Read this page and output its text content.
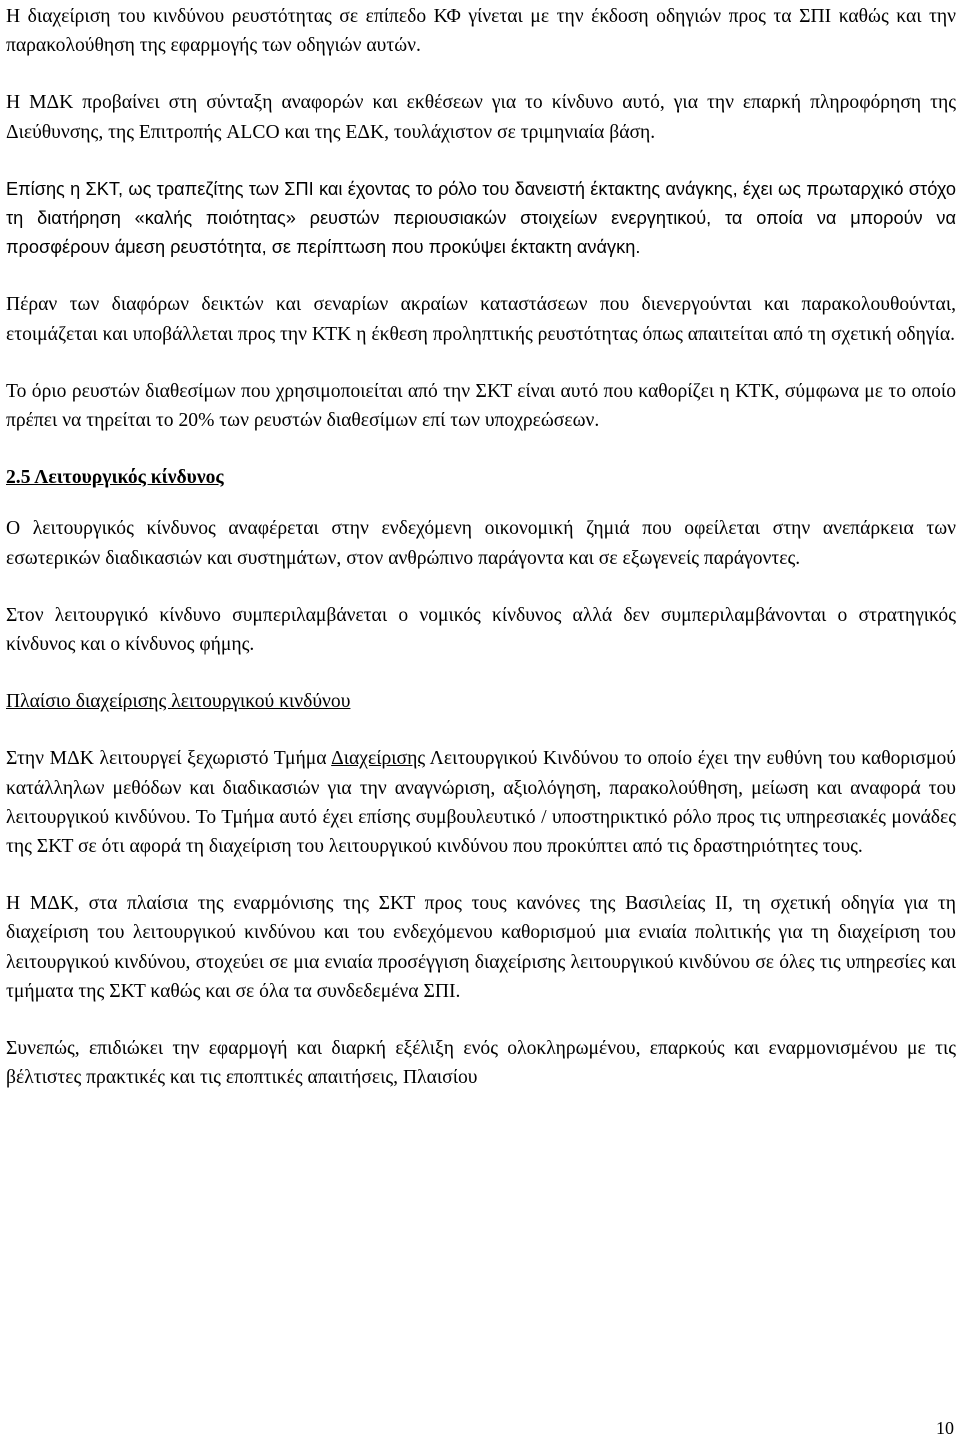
Η διαχείριση του κινδύνου ρευστότητας σε επίπεδο ΚΦ γίνεται με την έκδοση οδηγιών προς τα ΣΠΙ καθώς και την παρακολούθηση της εφαρμογής των οδηγιών αυτών.

Η ΜΔΚ προβαίνει στη σύνταξη αναφορών και εκθέσεων για το κίνδυνο αυτό, για την επαρκή πληροφόρηση της Διεύθυνσης, της Επιτροπής ALCO και της ΕΔΚ, τουλάχιστον σε τριμηνιαία βάση.

Επίσης η ΣΚΤ, ως τραπεζίτης των ΣΠΙ και έχοντας το ρόλο του δανειστή έκτακτης ανάγκης, έχει ως πρωταρχικό στόχο τη διατήρηση «καλής ποιότητας» ρευστών περιουσιακών στοιχείων ενεργητικού, τα οποία να μπορούν να προσφέρουν άμεση ρευστότητα, σε περίπτωση που προκύψει έκτακτη ανάγκη.

Πέραν των διαφόρων δεικτών και σεναρίων ακραίων καταστάσεων που διενεργούνται και παρακολουθούνται, ετοιμάζεται και υποβάλλεται προς την ΚΤΚ η έκθεση προληπτικής ρευστότητας όπως απαιτείται από τη σχετική οδηγία.

Το όριο ρευστών διαθεσίμων που χρησιμοποιείται από την ΣΚΤ είναι αυτό που καθορίζει η ΚΤΚ, σύμφωνα με το οποίο πρέπει να τηρείται το 20% των ρευστών διαθεσίμων επί των υποχρεώσεων.

2.5 Λειτουργικός κίνδυνος

Ο λειτουργικός κίνδυνος αναφέρεται στην ενδεχόμενη οικονομική ζημιά που οφείλεται στην ανεπάρκεια των εσωτερικών διαδικασιών και συστημάτων, στον ανθρώπινο παράγοντα και σε εξωγενείς παράγοντες.

Στον λειτουργικό κίνδυνο συμπεριλαμβάνεται ο νομικός κίνδυνος αλλά δεν συμπεριλαμβάνονται ο στρατηγικός κίνδυνος και ο κίνδυνος φήμης.

Πλαίσιο διαχείρισης λειτουργικού κινδύνου

Στην ΜΔΚ λειτουργεί ξεχωριστό Τμήμα Διαχείρισης Λειτουργικού Κινδύνου το οποίο έχει την ευθύνη του καθορισμού κατάλληλων μεθόδων και διαδικασιών για την αναγνώριση, αξιολόγηση, παρακολούθηση, μείωση και αναφορά του λειτουργικού κινδύνου. Το Τμήμα αυτό έχει επίσης συμβουλευτικό / υποστηρικτικό ρόλο προς τις υπηρεσιακές μονάδες της ΣΚΤ σε ότι αφορά τη διαχείριση του λειτουργικού κινδύνου που προκύπτει από τις δραστηριότητες τους.

Η ΜΔΚ, στα πλαίσια της εναρμόνισης της ΣΚΤ προς τους κανόνες της Βασιλείας ΙΙ, τη σχετική οδηγία για τη διαχείριση του λειτουργικού κινδύνου και του ενδεχόμενου καθορισμού μια ενιαία πολιτικής για τη διαχείριση του λειτουργικού κινδύνου, στοχεύει σε μια ενιαία προσέγγιση διαχείρισης λειτουργικού κινδύνου σε όλες τις υπηρεσίες και τμήματα της ΣΚΤ καθώς και σε όλα τα συνδεδεμένα ΣΠΙ.

Συνεπώς, επιδιώκει την εφαρμογή και διαρκή εξέλιξη ενός ολοκληρωμένου, επαρκούς και εναρμονισμένου με τις βέλτιστες πρακτικές και τις εποπτικές απαιτήσεις, Πλαισίου

10
